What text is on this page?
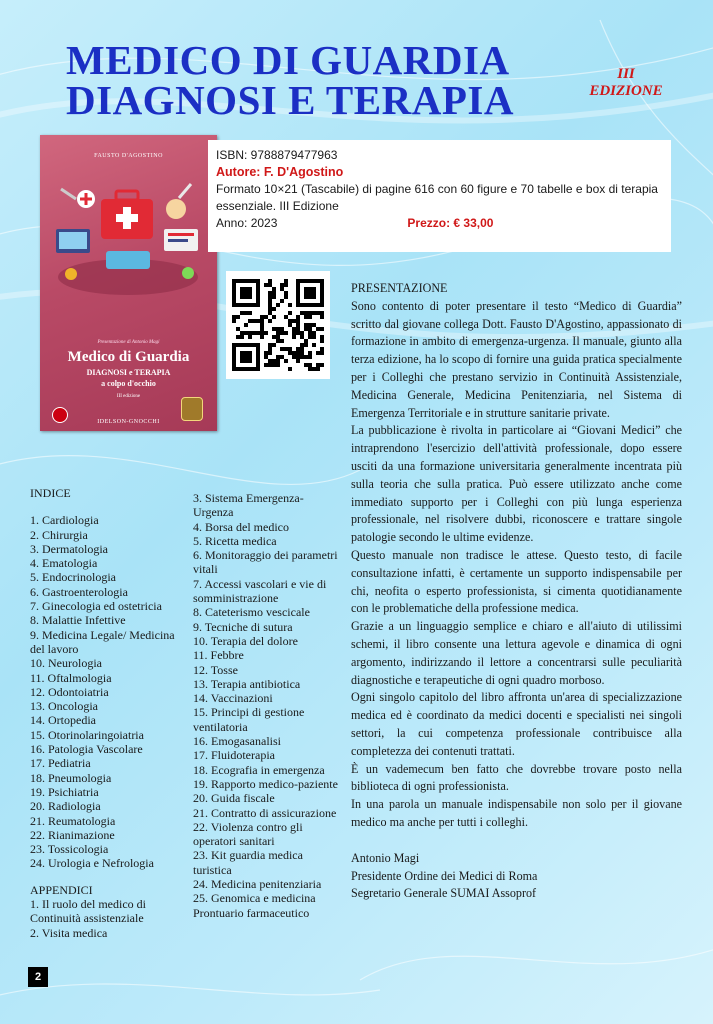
MEDICO DI GUARDIA
DIAGNOSI E TERAPIA
III
EDIZIONE
FAUSTO D'AGOSTINO
Presentazione di Antonio Magi
Medico di Guardia
DIAGNOSI e TERAPIA
a colpo d'occhio
III edizione
IDELSON-GNOCCHI
ISBN: 9788879477963
Autore: F. D'Agostino
Formato 10×21 (Tascabile) di pagine 616 con 60 figure e 70 tabelle e box di terapia essenziale. III Edizione
Anno: 2023	Prezzo: € 33,00

PRESENTAZIONE

Sono contento di poter presentare il testo “Medico di Guardia” scritto dal giovane collega Dott. Fausto D'Agostino, appassionato di formazione in ambito di emergenza-urgenza. Il manuale, giunto alla terza edizione, ha lo scopo di fornire una guida pratica specialmente per i Colleghi che prestano servizio in Continuità Assistenziale, Medicina Generale, Medicina Penitenziaria, nel Sistema di Emergenza Territoriale e in strutture sanitarie private.

La pubblicazione è rivolta in particolare ai “Giovani Medici” che intraprendono l'esercizio dell'attività professionale, dopo essere usciti da una formazione universitaria generalmente incentrata più sulla teoria che sulla pratica. Può essere utilizzato anche come immediato supporto per i Colleghi con più lunga esperienza professionale, nel risolvere dubbi, riconoscere e trattare singole patologie secondo le ultime evidenze.

Questo manuale non tradisce le attese. Questo testo, di facile consultazione infatti, è certamente un supporto indispensabile per chi, neofita o esperto professionista, si cimenta quotidianamente con le problematiche della professione medica.

Grazie a un linguaggio semplice e chiaro e all'aiuto di utilissimi schemi, il libro consente una lettura agevole e dinamica di ogni argomento, indirizzando il lettore a concentrarsi sulle peculiarità diagnostiche e terapeutiche di ogni quadro morboso.

Ogni singolo capitolo del libro affronta un'area di specializzazione medica ed è coordinato da medici docenti e specialisti nei singoli settori, la cui competenza professionale contribuisce alla completezza dei contenuti trattati.

È un vademecum ben fatto che dovrebbe trovare posto nella biblioteca di ogni professionista.

In una parola un manuale indispensabile non solo per il giovane medico ma anche per tutti i colleghi.

Antonio Magi
Presidente Ordine dei Medici di Roma
Segretario Generale SUMAI Assoprof
INDICE
1. Cardiologia
2. Chirurgia
3. Dermatologia
4. Ematologia
5. Endocrinologia
6. Gastroenterologia
7. Ginecologia ed ostetricia
8. Malattie Infettive
9. Medicina Legale/ Medicina del lavoro
10. Neurologia
11. Oftalmologia
12. Odontoiatria
13. Oncologia
14. Ortopedia
15. Otorinolaringoiatria
16. Patologia Vascolare
17. Pediatria
18. Pneumologia
19. Psichiatria
20. Radiologia
21. Reumatologia
22. Rianimazione
23. Tossicologia
24. Urologia e Nefrologia
APPENDICI
1. Il ruolo del medico di Continuità assistenziale
2. Visita medica
3. Sistema Emergenza-Urgenza
4. Borsa del medico
5. Ricetta medica
6. Monitoraggio dei parametri vitali
7. Accessi vascolari e vie di somministrazione
8. Cateterismo vescicale
9. Tecniche di sutura
10. Terapia del dolore
11. Febbre
12. Tosse
13. Terapia antibiotica
14. Vaccinazioni
15. Principi di gestione ventilatoria
16. Emogasanalisi
17. Fluidoterapia
18. Ecografia in emergenza
19. Rapporto medico-paziente
20. Guida fiscale
21. Contratto di assicurazione
22. Violenza contro gli operatori sanitari
23. Kit guardia medica turistica
24. Medicina penitenziaria
25. Genomica e medicina
Prontuario farmaceutico
2
